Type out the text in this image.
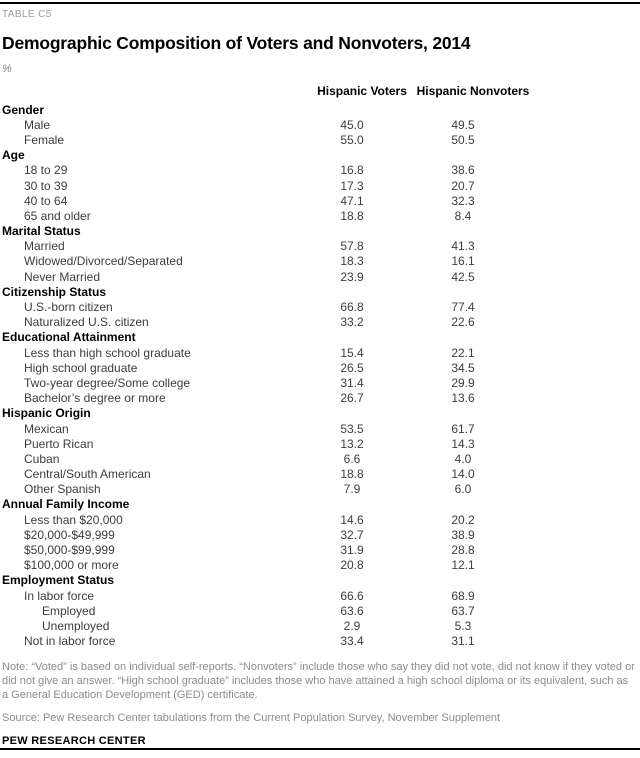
TABLE C5
Demographic Composition of Voters and Nonvoters, 2014
%
Hispanic Voters Hispanic Nonvoters
Gender
Male	45.0	49.5
Female	55.0	50.5
Age
18 to 29	16.8	38.6
30 to 39	17.3	20.7
40 to 64	47.1	32.3
65 and older	18.8	8.4
Marital Status
Married	57.8	41.3
Widowed/Divorced/Separated	18.3	16.1
Never Married	23.9	42.5
Citizenship Status
U.S.-born citizen	66.8	77.4
Naturalized U.S. citizen	33.2	22.6
Educational Attainment
Less than high school graduate	15.4	22.1
High school graduate	26.5	34.5
Two-year degree/Some college	31.4	29.9
Bachelor’s degree or more	26.7	13.6
Hispanic Origin
Mexican	53.5	61.7
Puerto Rican	13.2	14.3
Cuban	6.6	4.0
Central/South American	18.8	14.0
Other Spanish	7.9	6.0
Annual Family Income
Less than $20,000	14.6	20.2
$20,000-$49,999	32.7	38.9
$50,000-$99,999	31.9	28.8
$100,000 or more	20.8	12.1
Employment Status
In labor force	66.6	68.9
Employed	63.6	63.7
Unemployed	2.9	5.3
Not in labor force	33.4	31.1
Note: “Voted” is based on individual self-reports. “Nonvoters” include those who say they did not vote, did not know if they voted or did not give an answer. “High school graduate” includes those who have attained a high school diploma or its equivalent, such as a General Education Development (GED) certificate.
Source: Pew Research Center tabulations from the Current Population Survey, November Supplement
PEW RESEARCH CENTER
